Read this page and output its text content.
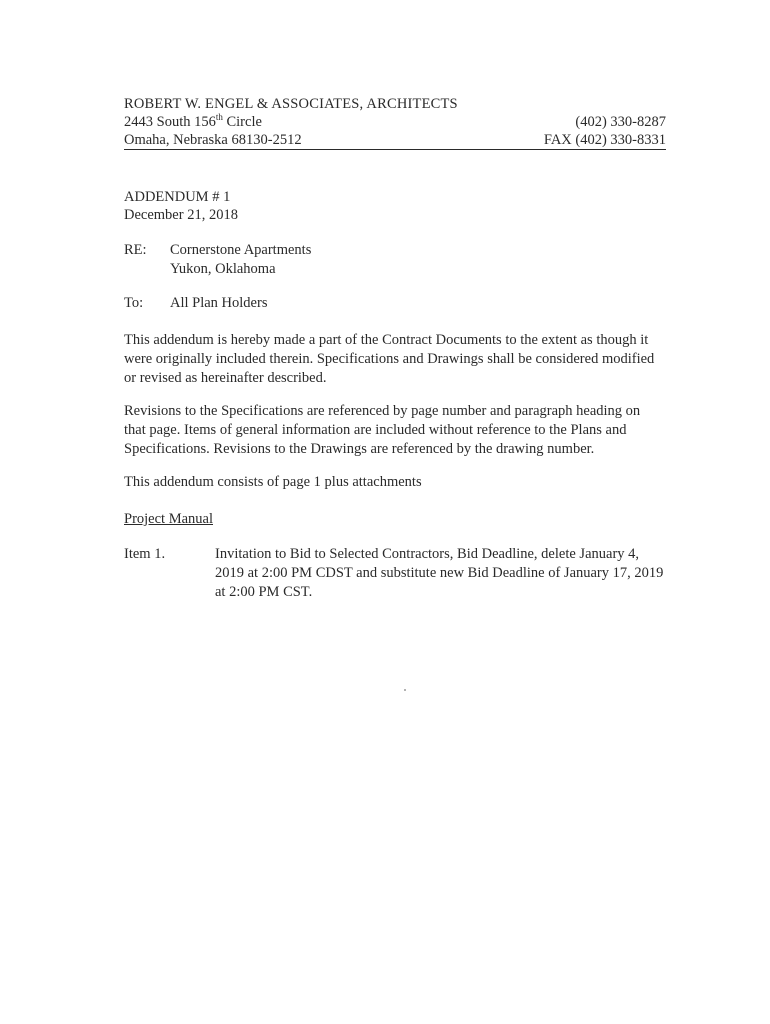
ROBERT W. ENGEL & ASSOCIATES, ARCHITECTS
2443 South 156th Circle	(402) 330-8287
Omaha, Nebraska 68130-2512	FAX (402) 330-8331
ADDENDUM # 1
December 21, 2018
RE:	Cornerstone Apartments
Yukon, Oklahoma
To:	All Plan Holders
This addendum is hereby made a part of the Contract Documents to the extent as though it were originally included therein. Specifications and Drawings shall be considered modified or revised as hereinafter described.
Revisions to the Specifications are referenced by page number and paragraph heading on that page. Items of general information are included without reference to the Plans and Specifications. Revisions to the Drawings are referenced by the drawing number.
This addendum consists of page 1 plus attachments
Project Manual
Item 1.	Invitation to Bid to Selected Contractors, Bid Deadline, delete January 4, 2019 at 2:00 PM CDST and substitute new Bid Deadline of January 17, 2019 at 2:00 PM CST.
